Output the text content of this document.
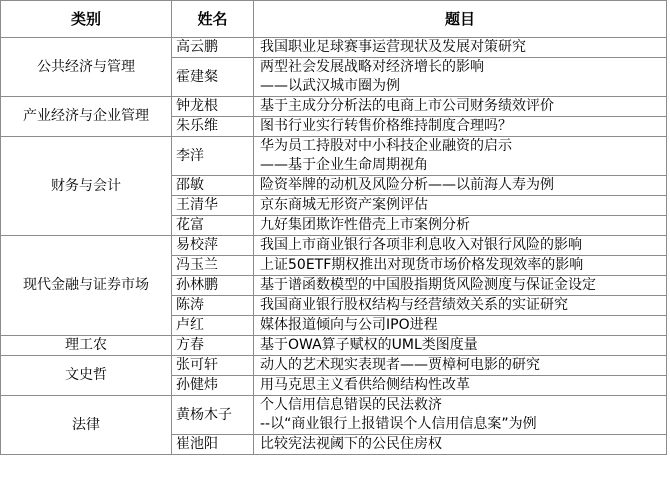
类别	姓名	题目
公共经济与管理	高云鹏	我国职业足球赛事运营现状及发展对策研究

	霍建粲	两型社会发展战略对经济增长的影响
——以武汉城市圈为例

产业经济与企业管理	钟龙根	基于主成分分析法的电商上市公司财务绩效评价

	朱乐维	图书行业实行转售价格维持制度合理吗？

财务与会计	李洋	华为员工持股对中小科技企业融资的启示
——基于企业生命周期视角

	邵敏	险资举牌的动机及风险分析——以前海人寿为例

	王清华	京东商城无形资产案例评估

	花富	九好集团欺诈性借壳上市案例分析

现代金融与证券市场	易校萍	我国上市商业银行各项非利息收入对银行风险的影响

	冯玉兰	上证50ETF期权推出对现货市场价格发现效率的影响

	孙林鹏	基于谱函数模型的中国股指期货风险测度与保证金设定

	陈涛	我国商业银行股权结构与经营绩效关系的实证研究

	卢红	媒体报道倾向与公司IPO进程

理工农	方春	基于OWA算子赋权的UML类图度量

文史哲	张可轩	动人的艺术现实表现者——贾樟柯电影的研究

	孙健炜	用马克思主义看供给侧结构性改革

法律	黄杨木子	个人信用信息错误的民法救济
--以“商业银行上报错误个人信用信息案”为例

	崔池阳	比较宪法视阈下的公民住房权
